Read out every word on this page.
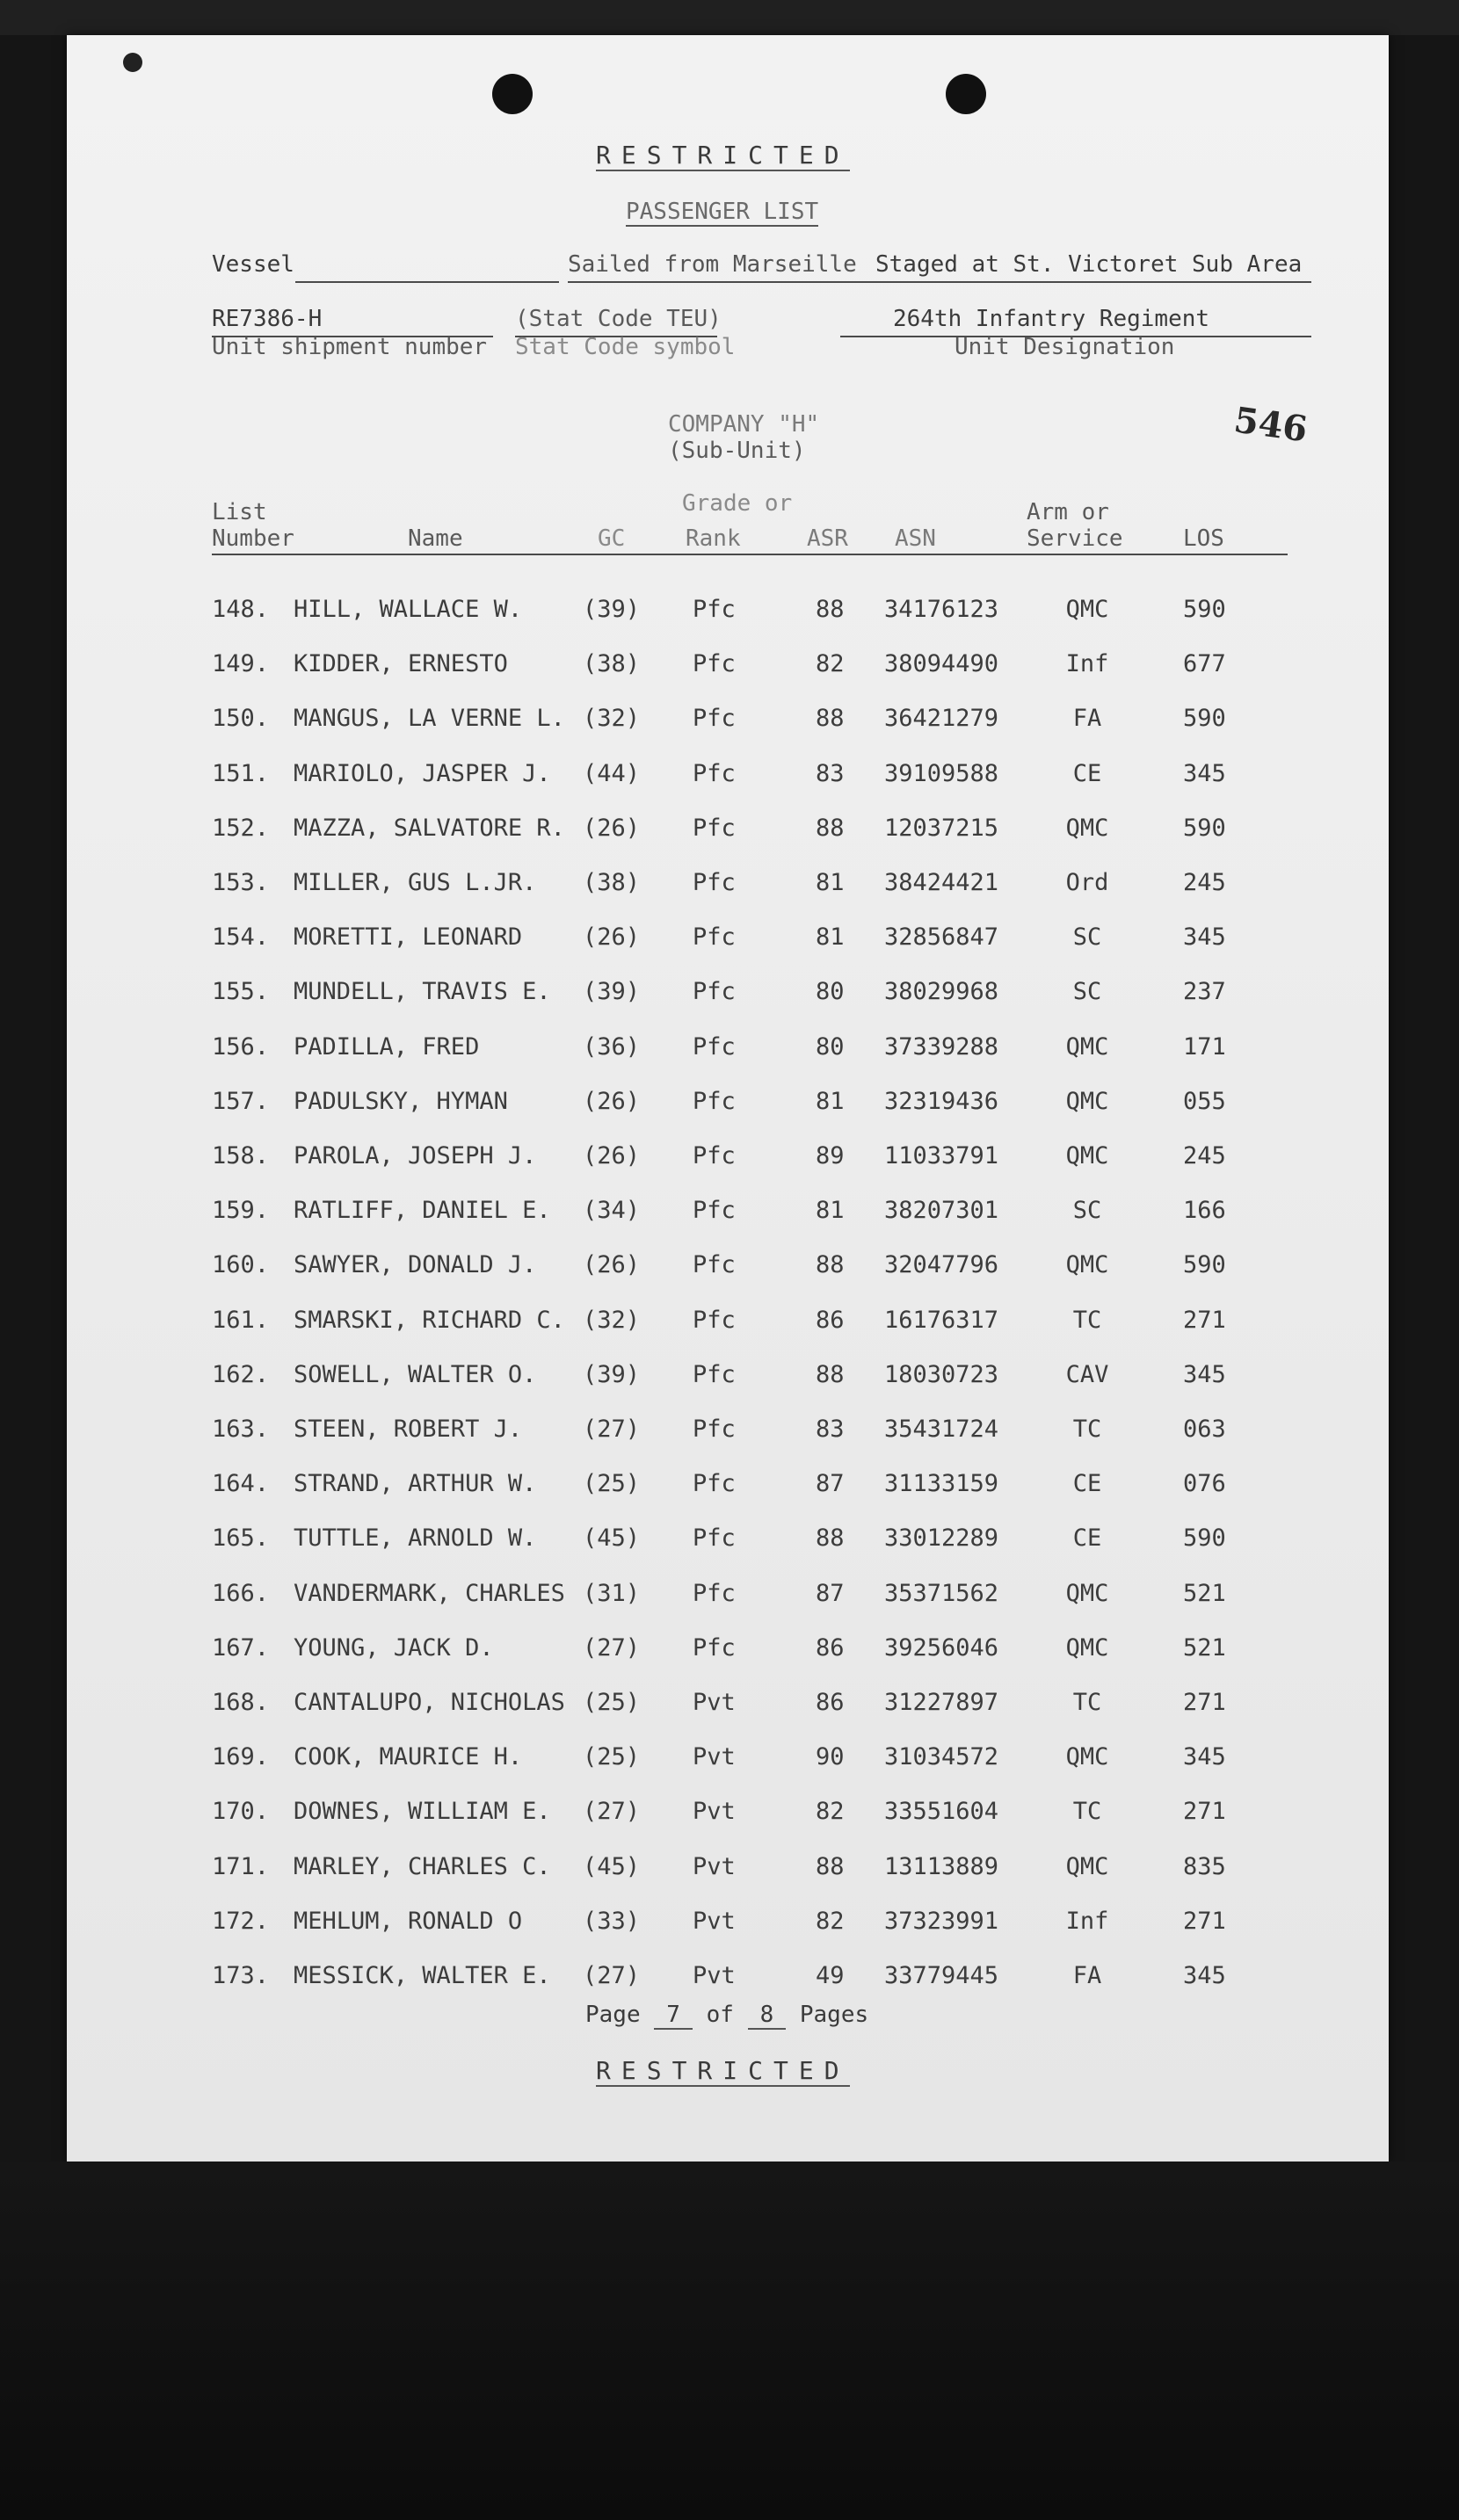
RESTRICTED
PASSENGER LIST
Vessel	Sailed from Marseille Staged at St. Victoret Sub Area
RE7386-H
Unit shipment number
(Stat Code TEU)
Stat Code symbol
264th Infantry Regiment
Unit Designation
COMPANY "H"
(Sub-Unit)
546
List
Number	Name	GC
Grade or
Rank	ASR ASN
Arm or
Service	LOS
148. HILL, WALLACE W.	(39) Pfc	88 34176123	QMC	590
149. KIDDER, ERNESTO	(38) Pfc	82 38094490	Inf	677
150. MANGUS, LA VERNE L. (32) Pfc	88 36421279	FA	590
151. MARIOLO, JASPER J. (44) Pfc	83 39109588	CE	345
152. MAZZA, SALVATORE R. (26) Pfc	88 12037215	QMC	590
153. MILLER, GUS L.JR. (38) Pfc	81 38424421	Ord	245
154. MORETTI, LEONARD	(26) Pfc	81 32856847	SC	345
155. MUNDELL, TRAVIS E. (39) Pfc	80 38029968	SC	237
156. PADILLA, FRED	(36) Pfc	80 37339288	QMC	171
157. PADULSKY, HYMAN	(26) Pfc	81 32319436	QMC	055
158. PAROLA, JOSEPH J. (26) Pfc	89 11033791	QMC	245
159. RATLIFF, DANIEL E. (34) Pfc	81 38207301	SC	166
160. SAWYER, DONALD J. (26) Pfc	88 32047796	QMC	590
161. SMARSKI, RICHARD C. (32) Pfc	86 16176317	TC	271
162. SOWELL, WALTER O. (39) Pfc	88 18030723	CAV	345
163. STEEN, ROBERT J.	(27) Pfc	83 35431724	TC	063
164. STRAND, ARTHUR W. (25) Pfc	87 31133159	CE	076
165. TUTTLE, ARNOLD W. (45) Pfc	88 33012289	CE	590
166. VANDERMARK, CHARLES (31) Pfc	87 35371562	QMC	521
167. YOUNG, JACK D.	(27) Pfc	86 39256046	QMC	521
168. CANTALUPO, NICHOLAS (25) Pvt	86 31227897	TC	271
169. COOK, MAURICE H.	(25) Pvt	90 31034572	QMC	345
170. DOWNES, WILLIAM E. (27) Pvt	82 33551604	TC	271
171. MARLEY, CHARLES C. (45) Pvt	88 13113889	QMC	835
172. MEHLUM, RONALD O	(33) Pvt	82 37323991	Inf	271
173. MESSICK, WALTER E. (27) Pvt	49 33779445	FA	345
Page 7 of 8 Pages
RESTRICTED
